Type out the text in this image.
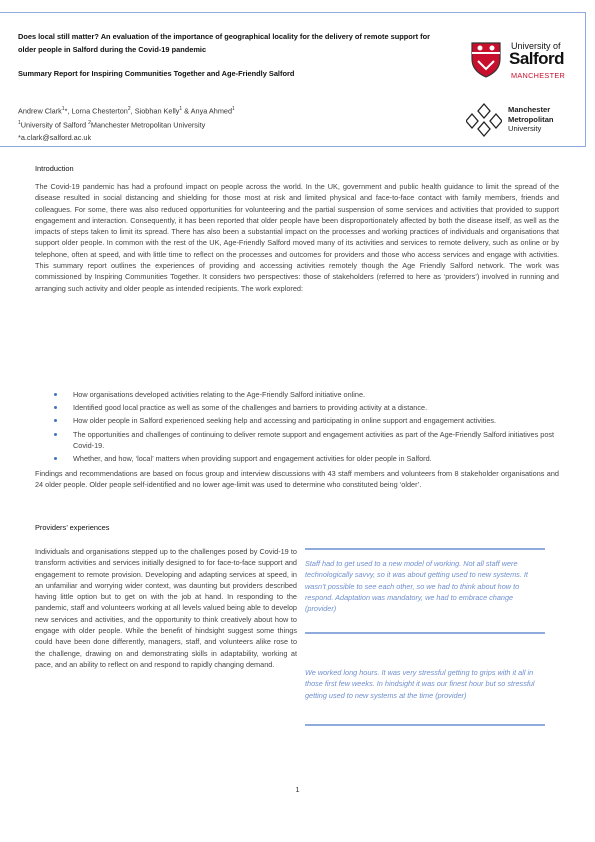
Does local still matter? An evaluation of the importance of geographical locality for the delivery of remote support for older people in Salford during the Covid-19 pandemic
Summary Report for Inspiring Communities Together and Age-Friendly Salford
Andrew Clark$^1$*, Lorna Chesterton$^2$, Siobhan Kelly$^1$ & Anya Ahmed$^1$
$^1$University of Salford $^2$Manchester Metropolitan University
*a.clark@salford.ac.uk
University of
Salford
MANCHESTER
Manchester
Metropolitan
University
Introduction

The Covid-19 pandemic has had a profound impact on people across the world. In the UK, government and public health guidance to limit the spread of the disease resulted in social distancing and shielding for those most at risk and limited physical and face-to-face contact with family members, friends and colleagues. For some, there was also reduced opportunities for volunteering and the partial suspension of some services and activities that provided to support engagement and interaction. Consequently, it has been reported that older people have been disproportionately affected by both the disease itself, as well as the impacts of steps taken to limit its spread. There has also been a substantial impact on the processes and working practices of individuals and organisations that support older people. In common with the rest of the UK, Age-Friendly Salford moved many of its activities and services to remote delivery, such as online or by telephone, often at speed, and with little time to reflect on the processes and outcomes for providers and those who access services and engage with activities. This summary report outlines the experiences of providing and accessing activities remotely though the Age Friendly Salford network. The work was commissioned by Inspiring Communities Together. It considers two perspectives: those of stakeholders (referred to here as ‘providers’) involved in running and arranging such activity and older people as intended recipients. The work explored:

How organisations developed activities relating to the Age-Friendly Salford initiative online.
Identified good local practice as well as some of the challenges and barriers to providing activity at a distance.
How older people in Salford experienced seeking help and accessing and participating in online support and engagement activities.
The opportunities and challenges of continuing to deliver remote support and engagement activities as part of the Age-Friendly Salford initiatives post Covid-19.
Whether, and how, ‘local’ matters when providing support and engagement activities for older people in Salford.

Findings and recommendations are based on focus group and interview discussions with 43 staff members and volunteers from 8 stakeholder organisations and 24 older people. Older people self-identified and no lower age-limit was used to determine who constituted being ‘older’.

Providers’ experiences

Individuals and organisations stepped up to the challenges posed by Covid-19 to transform activities and services initially designed to for face-to-face support and engagement to remote provision. Developing and adapting services at speed, in an unfamiliar and worrying wider context, was daunting but providers described having little option but to get on with the job at hand. In responding to the pandemic, staff and volunteers working at all levels valued being able to develop new services and activities, and the opportunity to think creatively about how to engage with older people. While the benefit of hindsight suggest some things could have been done differently, managers, staff, and volunteers alike rose to the challenge, drawing on and demonstrating skills in adaptability, working at pace, and an ability to reflect on and respond to rapidly changing demand.

Staff had to get used to a new model of working. Not all staff were technologically savvy, so it was about getting used to new systems. It wasn’t possible to see each other, so we had to think about how to respond. Adaptation was mandatory, we had to embrace change (provider)

We worked long hours. It was very stressful getting to grips with it all in those first few weeks. In hindsight it was our finest hour but so stressful getting used to new systems at the time (provider)

1
